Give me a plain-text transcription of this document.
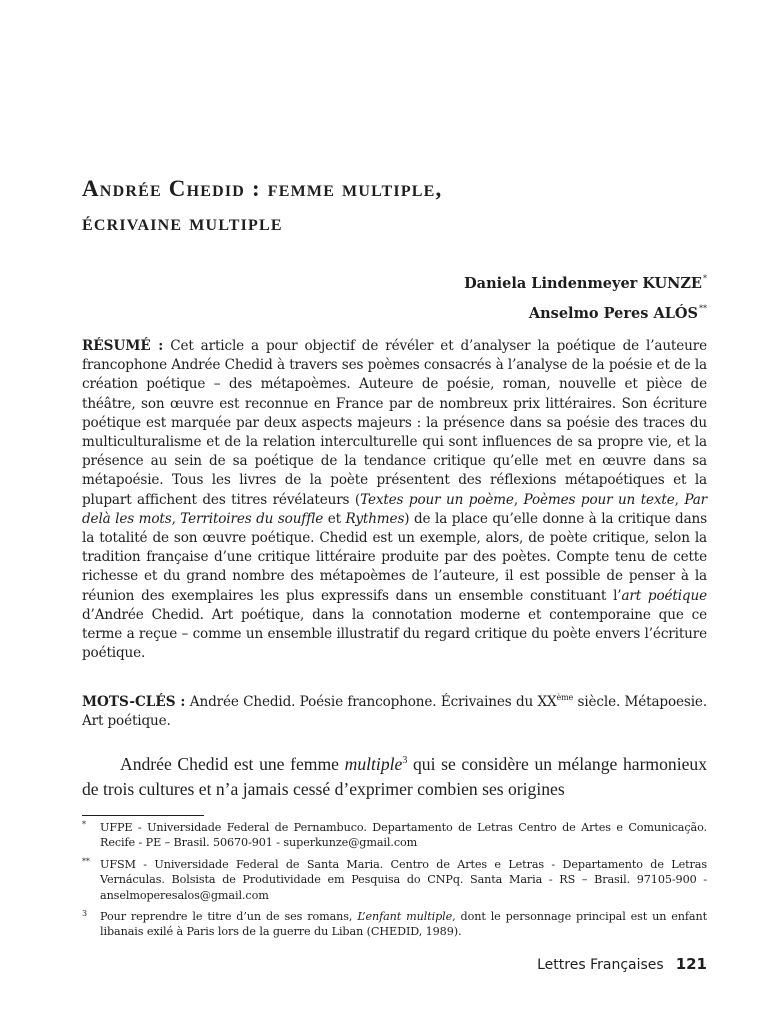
Andrée Chedid : femme multiple,
écrivaine multiple
Daniela Lindenmeyer KUNZE*
Anselmo Peres ALÓS**

RÉSUMÉ : Cet article a pour objectif de révéler et d’analyser la poétique de l’auteure francophone Andrée Chedid à travers ses poèmes consacrés à l’analyse de la poésie et de la création poétique – des métapoèmes. Auteure de poésie, roman, nouvelle et pièce de théâtre, son œuvre est reconnue en France par de nombreux prix littéraires. Son écriture poétique est marquée par deux aspects majeurs : la présence dans sa poésie des traces du multiculturalisme et de la relation interculturelle qui sont influences de sa propre vie, et la présence au sein de sa poétique de la tendance critique qu’elle met en œuvre dans sa métapoésie. Tous les livres de la poète présentent des réflexions métapoétiques et la plupart affichent des titres révélateurs (Textes pour un poème, Poèmes pour un texte, Par delà les mots, Territoires du souffle et Rythmes) de la place qu’elle donne à la critique dans la totalité de son œuvre poétique. Chedid est un exemple, alors, de poète critique, selon la tradition française d’une critique littéraire produite par des poètes. Compte tenu de cette richesse et du grand nombre des métapoèmes de l’auteure, il est possible de penser à la réunion des exemplaires les plus expressifs dans un ensemble constituant l’art poétique d’Andrée Chedid. Art poétique, dans la connotation moderne et contemporaine que ce terme a reçue – comme un ensemble illustratif du regard critique du poète envers l’écriture poétique.

MOTS-CLÉS : Andrée Chedid. Poésie francophone. Écrivaines du XXème siècle. Métapoesie. Art poétique.

Andrée Chedid est une femme multiple$^3$ qui se considère un mélange harmonieux de trois cultures et n’a jamais cessé d’exprimer combien ses origines

* UFPE - Universidade Federal de Pernambuco. Departamento de Letras Centro de Artes e Comunicação. Recife - PE – Brasil. 50670-901 - superkunze@gmail.com

** UFSM - Universidade Federal de Santa Maria. Centro de Artes e Letras - Departamento de Letras Vernáculas. Bolsista de Produtividade em Pesquisa do CNPq. Santa Maria - RS – Brasil. 97105-900 - anselmoperesalos@gmail.com

3 Pour reprendre le titre d’un de ses romans, L’enfant multiple, dont le personnage principal est un enfant libanais exilé à Paris lors de la guerre du Liban (CHEDID, 1989).

Lettres Françaises 121
